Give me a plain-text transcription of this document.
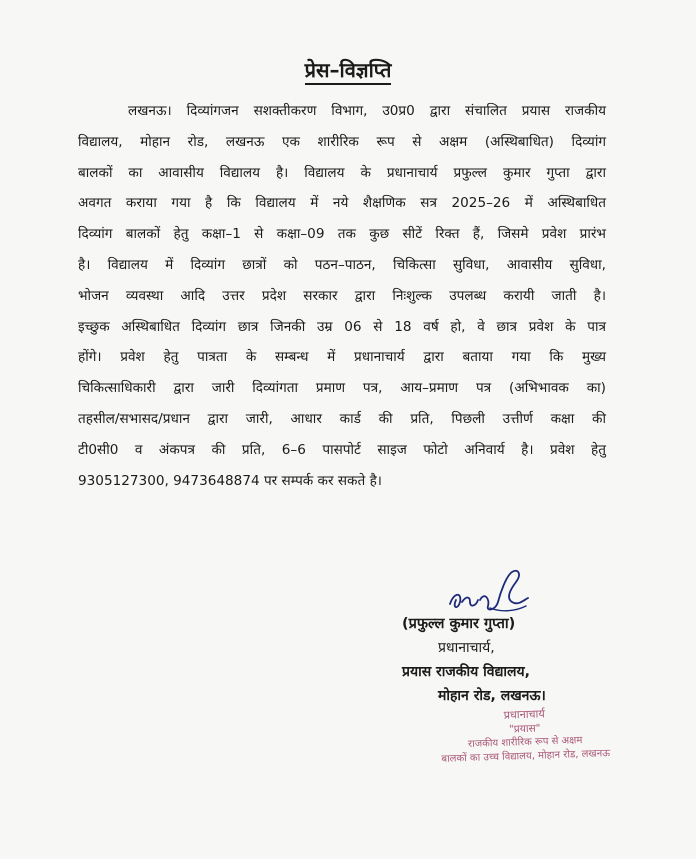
प्रेस–विज्ञप्ति
लखनऊ। दिव्यांगजन सशक्तीकरण विभाग, उ0प्र0 द्वारा संचालित प्रयास राजकीय
विद्यालय, मोहान रोड, लखनऊ एक शारीरिक रूप से अक्षम (अस्थिबाधित) दिव्यांग
बालकों का आवासीय विद्यालय है। विद्यालय के प्रधानाचार्य प्रफुल्ल कुमार गुप्ता द्वारा
अवगत कराया गया है कि विद्यालय में नये शैक्षणिक सत्र 2025–26 में अस्थिबाधित
दिव्यांग बालकों हेतु कक्षा–1 से कक्षा–09 तक कुछ सीटें रिक्त हैं, जिसमे प्रवेश प्रारंभ
है। विद्यालय में दिव्यांग छात्रों को पठन–पाठन, चिकित्सा सुविधा, आवासीय सुविधा,
भोजन व्यवस्था आदि उत्तर प्रदेश सरकार द्वारा निःशुल्क उपलब्ध करायी जाती है।
इच्छुक अस्थिबाधित दिव्यांग छात्र जिनकी उम्र 06 से 18 वर्ष हो, वे छात्र प्रवेश के पात्र
होंगे। प्रवेश हेतु पात्रता के सम्बन्ध में प्रधानाचार्य द्वारा बताया गया कि मुख्य
चिकित्साधिकारी द्वारा जारी दिव्यांगता प्रमाण पत्र, आय–प्रमाण पत्र (अभिभावक का)
तहसील/सभासद/प्रधान द्वारा जारी, आधार कार्ड की प्रति, पिछली उत्तीर्ण कक्षा की
टी0सी0 व अंकपत्र की प्रति, 6–6 पासपोर्ट साइज फोटो अनिवार्य है। प्रवेश हेतु
9305127300, 9473648874 पर सम्पर्क कर सकते है।
(प्रफुल्ल कुमार गुप्ता)
प्रधानाचार्य,
प्रयास राजकीय विद्यालय,
मोहान रोड, लखनऊ।
प्रधानाचार्य
"प्रयास"
राजकीय शारीरिक रूप से अक्षम
बालकों का उच्च विद्यालय, मोहान रोड, लखनऊ
